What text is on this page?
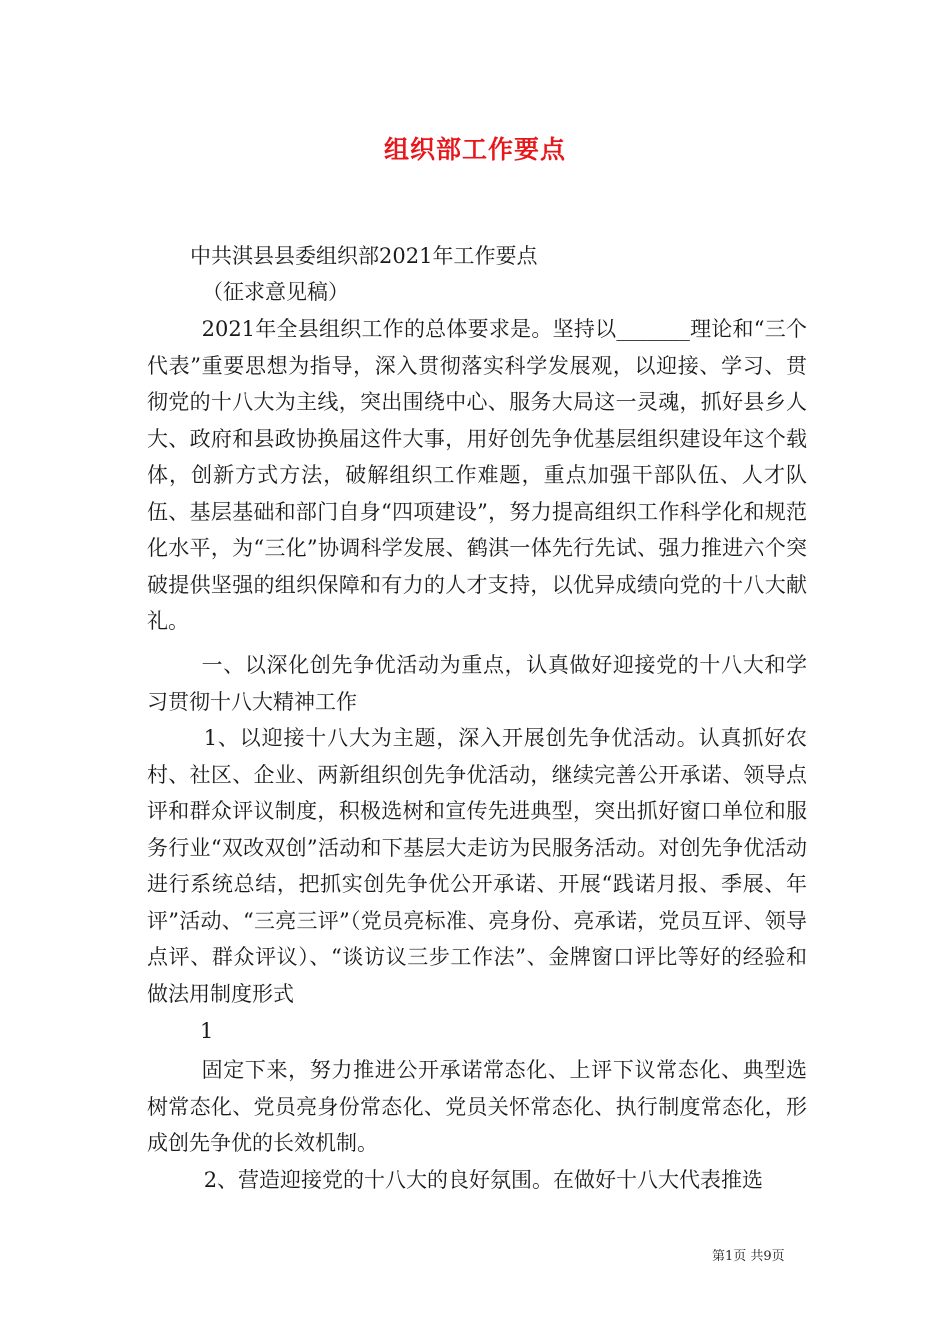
组织部工作要点

中共淇县县委组织部2021年工作要点

（征求意见稿）

2021年全县组织工作的总体要求是。坚持以_______理论和“三个代表”重要思想为指导，深入贯彻落实科学发展观，以迎接、学习、贯彻党的十八大为主线，突出围绕中心、服务大局这一灵魂，抓好县乡人大、政府和县政协换届这件大事，用好创先争优基层组织建设年这个载体，创新方式方法，破解组织工作难题，重点加强干部队伍、人才队伍、基层基础和部门自身“四项建设”，努力提高组织工作科学化和规范化水平，为“三化”协调科学发展、鹤淇一体先行先试、强力推进六个突破提供坚强的组织保障和有力的人才支持，以优异成绩向党的十八大献礼。

一、以深化创先争优活动为重点，认真做好迎接党的十八大和学习贯彻十八大精神工作

1、以迎接十八大为主题，深入开展创先争优活动。认真抓好农村、社区、企业、两新组织创先争优活动，继续完善公开承诺、领导点评和群众评议制度，积极选树和宣传先进典型，突出抓好窗口单位和服务行业“双改双创”活动和下基层大走访为民服务活动。对创先争优活动进行系统总结，把抓实创先争优公开承诺、开展“践诺月报、季展、年评”活动、“三亮三评”（党员亮标准、亮身份、亮承诺，党员互评、领导点评、群众评议）、“谈访议三步工作法”、金牌窗口评比等好的经验和做法用制度形式

1

固定下来，努力推进公开承诺常态化、上评下议常态化、典型选树常态化、党员亮身份常态化、党员关怀常态化、执行制度常态化，形成创先争优的长效机制。

2、营造迎接党的十八大的良好氛围。在做好十八大代表推选

第1页 共9页
